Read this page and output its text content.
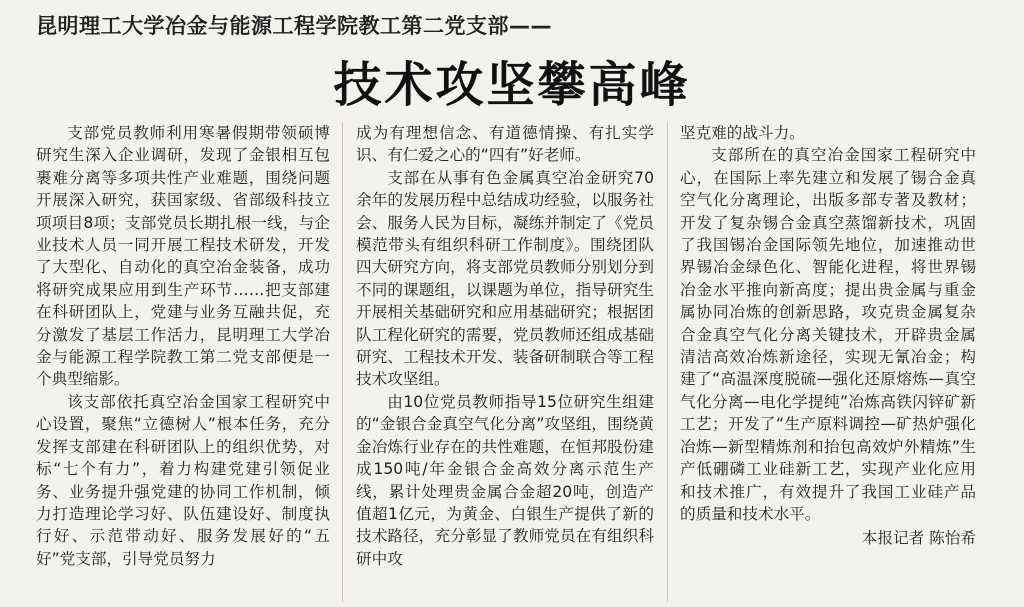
昆明理工大学冶金与能源工程学院教工第二党支部——
技术攻坚攀高峰

支部党员教师利用寒暑假期带领硕博研究生深入企业调研，发现了金银相互包裹难分离等多项共性产业难题，围绕问题开展深入研究，获国家级、省部级科技立项项目8项；支部党员长期扎根一线，与企业技术人员一同开展工程技术研发，开发了大型化、自动化的真空冶金装备，成功将研究成果应用到生产环节……把支部建在科研团队上，党建与业务互融共促，充分激发了基层工作活力，昆明理工大学冶金与能源工程学院教工第二党支部便是一个典型缩影。

该支部依托真空冶金国家工程研究中心设置，聚焦“立德树人”根本任务，充分发挥支部建在科研团队上的组织优势，对标“七个有力”，着力构建党建引领促业务、业务提升强党建的协同工作机制，倾力打造理论学习好、队伍建设好、制度执行好、示范带动好、服务发展好的“五好”党支部，引导党员努力

成为有理想信念、有道德情操、有扎实学识、有仁爱之心的“四有”好老师。

支部在从事有色金属真空冶金研究70余年的发展历程中总结成功经验，以服务社会、服务人民为目标，凝练并制定了《党员模范带头有组织科研工作制度》。围绕团队四大研究方向，将支部党员教师分别划分到不同的课题组，以课题为单位，指导研究生开展相关基础研究和应用基础研究；根据团队工程化研究的需要，党员教师还组成基础研究、工程技术开发、装备研制联合等工程技术攻坚组。

由10位党员教师指导15位研究生组建的“金银合金真空气化分离”攻坚组，围绕黄金冶炼行业存在的共性难题，在恒邦股份建成150吨/年金银合金高效分离示范生产线，累计处理贵金属合金超20吨，创造产值超1亿元，为黄金、白银生产提供了新的技术路径，充分彰显了教师党员在有组织科研中攻

坚克难的战斗力。

支部所在的真空冶金国家工程研究中心，在国际上率先建立和发展了锡合金真空气化分离理论，出版多部专著及教材；开发了复杂锡合金真空蒸馏新技术，巩固了我国锡冶金国际领先地位，加速推动世界锡冶金绿色化、智能化进程，将世界锡冶金水平推向新高度；提出贵金属与重金属协同冶炼的创新思路，攻克贵金属复杂合金真空气化分离关键技术，开辟贵金属清洁高效冶炼新途径，实现无氰冶金；构建了“高温深度脱硫—强化还原熔炼—真空气化分离—电化学提纯”冶炼高铁闪锌矿新工艺；开发了“生产原料调控—矿热炉强化冶炼—新型精炼剂和抬包高效炉外精炼”生产低硼磷工业硅新工艺，实现产业化应用和技术推广，有效提升了我国工业硅产品的质量和技术水平。

本报记者 陈怡希
